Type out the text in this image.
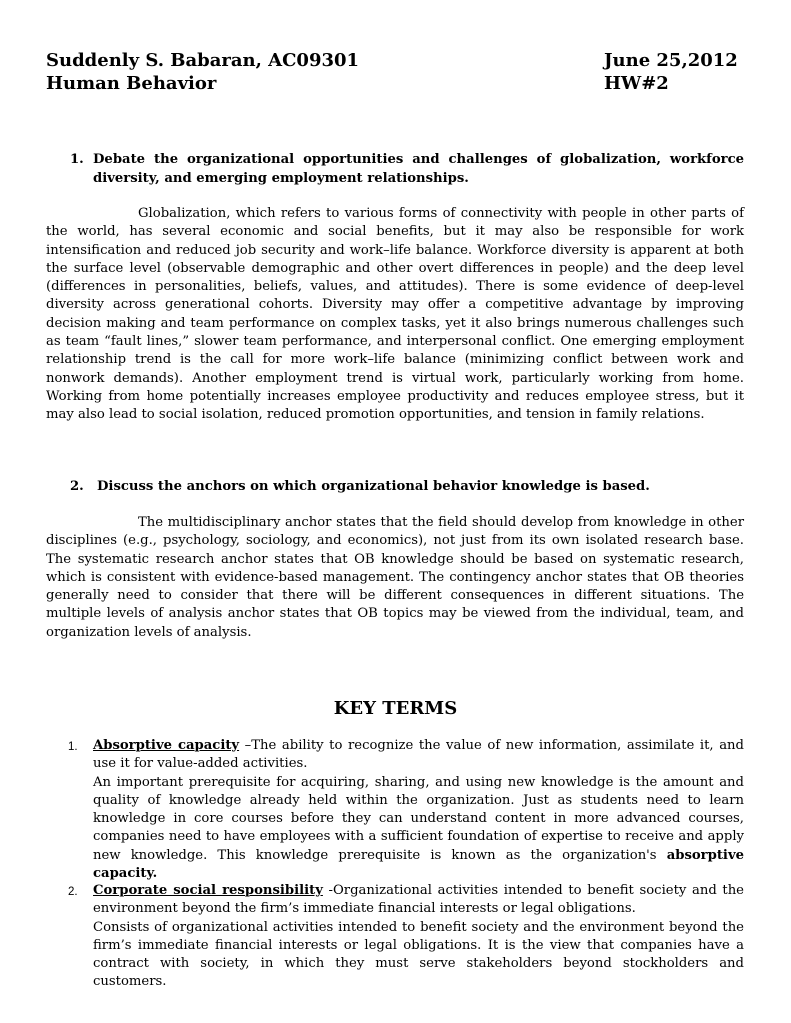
Suddenly S. Babaran, AC09301
Human Behavior
June 25,2012
HW#2
1. Debate the organizational opportunities and challenges of globalization, workforce diversity, and emerging employment relationships.
Globalization, which refers to various forms of connectivity with people in other parts of the world, has several economic and social benefits, but it may also be responsible for work intensification and reduced job security and work–life balance. Workforce diversity is apparent at both the surface level (observable demographic and other overt differences in people) and the deep level (differences in personalities, beliefs, values, and attitudes). There is some evidence of deep-level diversity across generational cohorts. Diversity may offer a competitive advantage by improving decision making and team performance on complex tasks, yet it also brings numerous challenges such as team “fault lines,” slower team performance, and interpersonal conflict. One emerging employment relationship trend is the call for more work–life balance (minimizing conflict between work and nonwork demands). Another employment trend is virtual work, particularly working from home. Working from home potentially increases employee productivity and reduces employee stress, but it may also lead to social isolation, reduced promotion opportunities, and tension in family relations.
2. Discuss the anchors on which organizational behavior knowledge is based.
The multidisciplinary anchor states that the field should develop from knowledge in other disciplines (e.g., psychology, sociology, and economics), not just from its own isolated research base. The systematic research anchor states that OB knowledge should be based on systematic research, which is consistent with evidence-based management. The contingency anchor states that OB theories generally need to consider that there will be different consequences in different situations. The multiple levels of analysis anchor states that OB topics may be viewed from the individual, team, and organization levels of analysis.
KEY TERMS
1. Absorptive capacity –The ability to recognize the value of new information, assimilate it, and use it for value-added activities.
An important prerequisite for acquiring, sharing, and using new knowledge is the amount and quality of knowledge already held within the organization. Just as students need to learn knowledge in core courses before they can understand content in more advanced courses, companies need to have employees with a sufficient foundation of expertise to receive and apply new knowledge. This knowledge prerequisite is known as the organization's absorptive capacity.
2. Corporate social responsibility -Organizational activities intended to benefit society and the environment beyond the firm’s immediate financial interests or legal obligations.
Consists of organizational activities intended to benefit society and the environment beyond the firm’s immediate financial interests or legal obligations. It is the view that companies have a contract with society, in which they must serve stakeholders beyond stockholders and customers.
